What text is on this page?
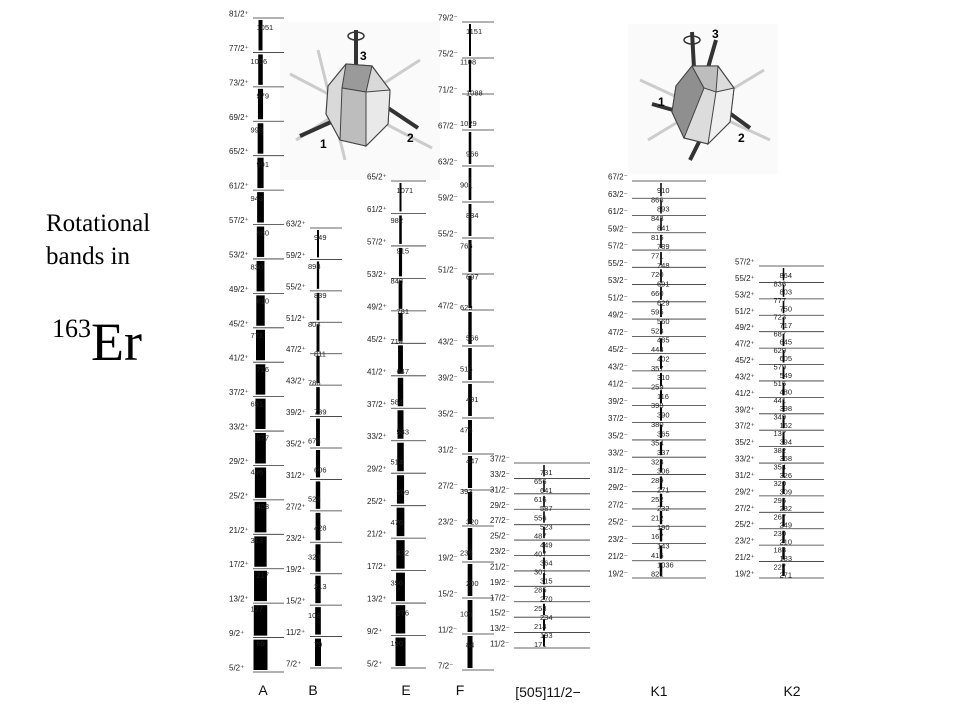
Rotational
bands in
163Er
3
1	2
3
1
2
81/2⁺
77/2⁺
73/2⁺
69/2⁺
65/2⁺
61/2⁺
57/2⁺
53/2⁺
49/2⁺
45/2⁺
41/2⁺
37/2⁺
33/2⁺
29/2⁺
25/2⁺
21/2⁺
17/2⁺
13/2⁺
9/2⁺
5/2⁺
1051
1006
979
998
991
943
880
830
810
771
716
651
577
496
408
313
217
127
69
A
63/2⁺
59/2⁺
55/2⁺
51/2⁺
47/2⁺
43/2⁺
39/2⁺
35/2⁺
31/2⁺
27/2⁺
23/2⁺
19/2⁺
15/2⁺
11/2⁺
7/2⁺
949
898
839
804
811
786
739
678
606
523
428
323
213
108
79
B
65/2⁺
61/2⁺
57/2⁺
53/2⁺
49/2⁺
45/2⁺
41/2⁺
37/2⁺
33/2⁺
29/2⁺
25/2⁺
21/2⁺
17/2⁺
13/2⁺
9/2⁺
5/2⁺
1071
982
915
848
781
714
647
584
533
514
509
476
422
356
276
190
E
79/2⁻
75/2⁻
71/2⁻
67/2⁻
63/2⁻
59/2⁻
55/2⁻
51/2⁻
47/2⁻
43/2⁻
39/2⁻
35/2⁻
31/2⁻
27/2⁻
23/2⁻
19/2⁻
15/2⁻
11/2⁻
7/2⁻
1151
1108
1088
1029
966
901
834
766
697
629
566
516
491
478
447
393
320
236
200
106
84
F
37/2⁻
33/2⁻
31/2⁻
29/2⁻
27/2⁻
25/2⁻
23/2⁻
21/2⁻
19/2⁻
17/2⁻
15/2⁻
13/2⁻
11/2⁻
731
656
641
616
587
556
523
487
449
407
364
301
315
285
270
253
234
214
193
171
[505]11/2−
67/2⁻
63/2⁻
61/2⁻
59/2⁻
57/2⁻
55/2⁻
53/2⁻
51/2⁻
49/2⁻
47/2⁻
45/2⁻
43/2⁻
41/2⁻
39/2⁻
37/2⁻
35/2⁻
33/2⁻
31/2⁻
29/2⁻
27/2⁻
25/2⁻
23/2⁻
21/2⁻
19/2⁻
910
866
893
843
841
815
789
771
748
720
691
660
629
595
560
523
485
444
402
357
310
259
116
398
390
380
365
354
337
323
306
289
271
252
232
212
190
167
143
416
1036
821
K1
57/2⁺
55/2⁺
53/2⁺
51/2⁺
49/2⁺
47/2⁺
45/2⁺
43/2⁺
41/2⁺
39/2⁺
37/2⁺
35/2⁺
33/2⁺
31/2⁺
29/2⁺
27/2⁺
25/2⁺
23/2⁺
21/2⁺
19/2⁺
864
836
803
777
750
723
717
687
645
629
605
579
549
516
480
441
398
349
162
137
394
382
368
354
326
320
309
296
282
267
249
230
210
188
183
227
271
K2
